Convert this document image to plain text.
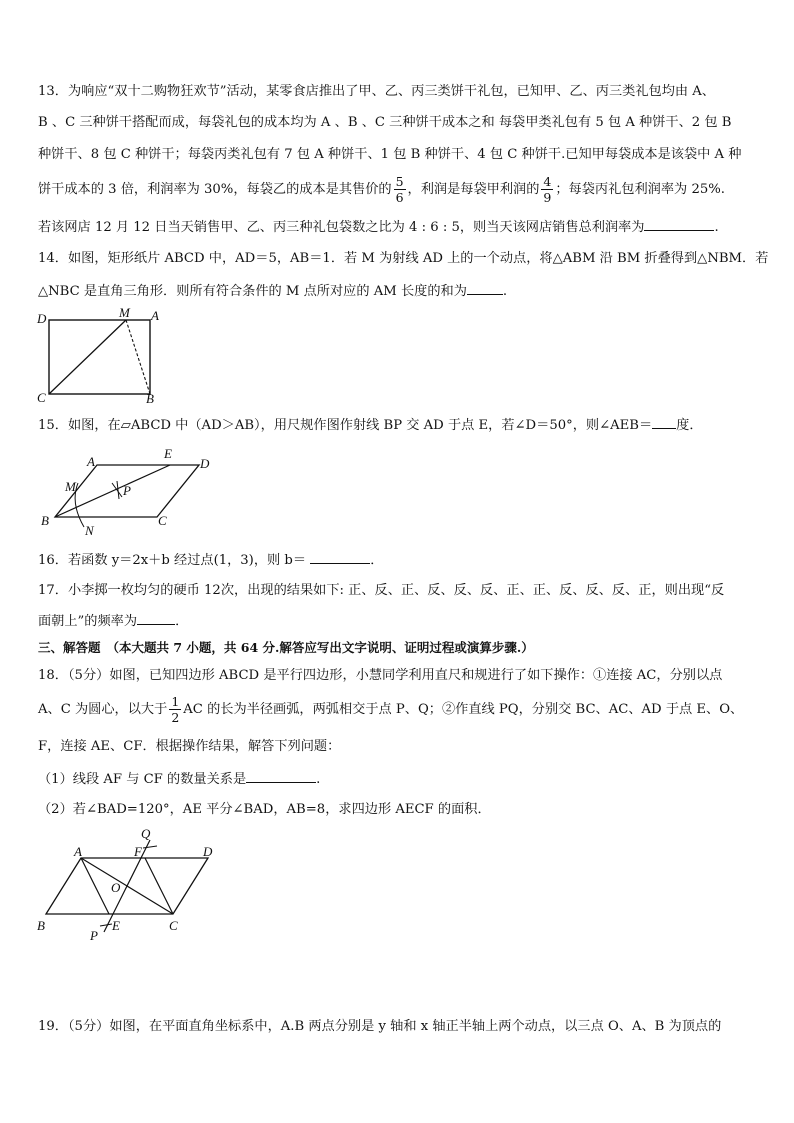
13．为响应“双十二购物狂欢节”活动，某零食店推出了甲、乙、丙三类饼干礼包，已知甲、乙、丙三类礼包均由 A、
B 、C 三种饼干搭配而成，每袋礼包的成本均为 A 、B 、C 三种饼干成本之和 每袋甲类礼包有 5 包 A 种饼干、2 包 B
种饼干、8 包 C 种饼干；每袋丙类礼包有 7 包 A 种饼干、1 包 B 种饼干、4 包 C 种饼干.已知甲每袋成本是该袋中 A 种
饼干成本的 3 倍，利润率为 30%，每袋乙的成本是其售价的 $\frac{5}{6}$ ，利润是每袋甲利润的 $\frac{4}{9}$ ；每袋丙礼包利润率为 25%.
若该网店 12 月 12 日当天销售甲、乙、丙三种礼包袋数之比为 4 : 6 : 5，则当天该网店销售总利润率为	.
14．如图，矩形纸片 ABCD 中，AD＝5，AB＝1．若 M 为射线 AD 上的一个动点，将△ABM 沿 BM 折叠得到△NBM．若
△NBC 是直角三角形．则所有符合条件的 M 点所对应的 AM 长度的和为	.
D	M A
C	B
15．如图，在▱ABCD 中（AD＞AB），用尺规作图作射线 BP 交 AD 于点 E，若∠D＝50°，则∠AEB＝ 度．
A
E
D
M	P
B
N
C
16．若函数 y＝2x＋b 经过点(1，3)，则 b＝	．
17．小李掷一枚均匀的硬币 12次，出现的结果如下: 正、反、正、反、反、反、正、正、反、反、反、正，则出现“反
面朝上”的频率为	．
三、解答题 （本大题共 7 小题，共 64 分.解答应写出文字说明、证明过程或演算步骤.）
18．（5分）如图，已知四边形 ABCD 是平行四边形，小慧同学利用直尺和规进行了如下操作：①连接 AC，分别以点
A、C 为圆心，以大于 $\frac{1}{2}$ AC 的长为半径画弧，两弧相交于点 P、Q；②作直线 PQ，分别交 BC、AC、AD 于点 E、O、
F，连接 AE、CF．根据操作结果，解答下列问题：
（1）线段 AF 与 CF 的数量关系是	.
（2）若∠BAD=120°，AE 平分∠BAD，AB=8，求四边形 AECF 的面积．
Q
A	F	D
O
B
P
E	C
19．（5分）如图，在平面直角坐标系中，A.B 两点分别是 y 轴和 x 轴正半轴上两个动点，以三点 O、A、B 为顶点的
